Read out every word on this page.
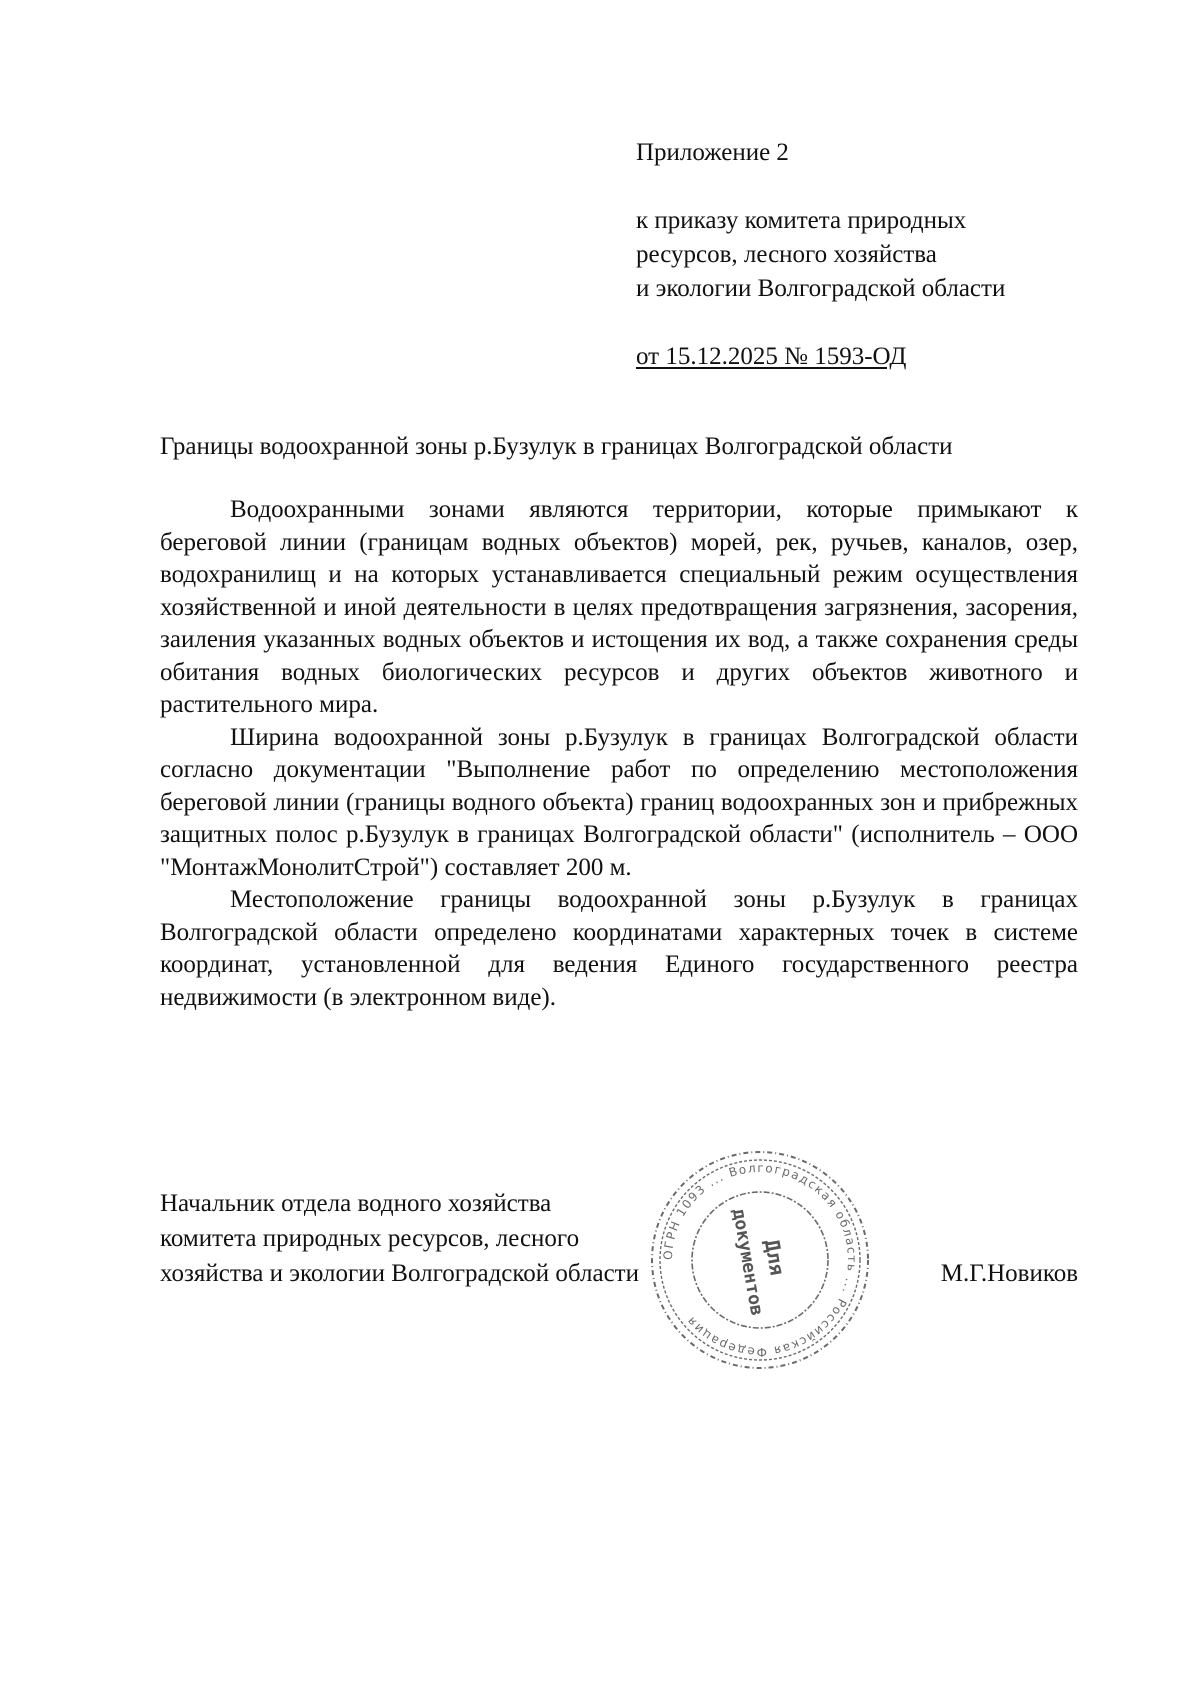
Приложение 2

к приказу комитета природных
ресурсов, лесного хозяйства
и экологии Волгоградской области

от 15.12.2025 № 1593-ОД

Границы водоохранной зоны р.Бузулук в границах Волгоградской области

Водоохранными зонами являются территории, которые примыкают к береговой линии (границам водных объектов) морей, рек, ручьев, каналов, озер, водохранилищ и на которых устанавливается специальный режим осуществления хозяйственной и иной деятельности в целях предотвращения загрязнения, засорения, заиления указанных водных объектов и истощения их вод, а также сохранения среды обитания водных биологических ресурсов и других объектов животного и растительного мира.

Ширина водоохранной зоны р.Бузулук в границах Волгоградской области согласно документации "Выполнение работ по определению местоположения береговой линии (границы водного объекта) границ водоохранных зон и прибрежных защитных полос р.Бузулук в границах Волгоградской области" (исполнитель – ООО "МонтажМонолитСтрой") составляет 200 м.

Местоположение границы водоохранной зоны р.Бузулук в границах Волгоградской области определено координатами характерных точек в системе координат, установленной для ведения Единого государственного реестра недвижимости (в электронном виде).

Начальник отдела водного хозяйства
комитета природных ресурсов, лесного
хозяйства и экологии Волгоградской области
ОГРН 1093 ... Волгоградская область ... Российская Федерация
Для
документов	М.Г.Новиков
